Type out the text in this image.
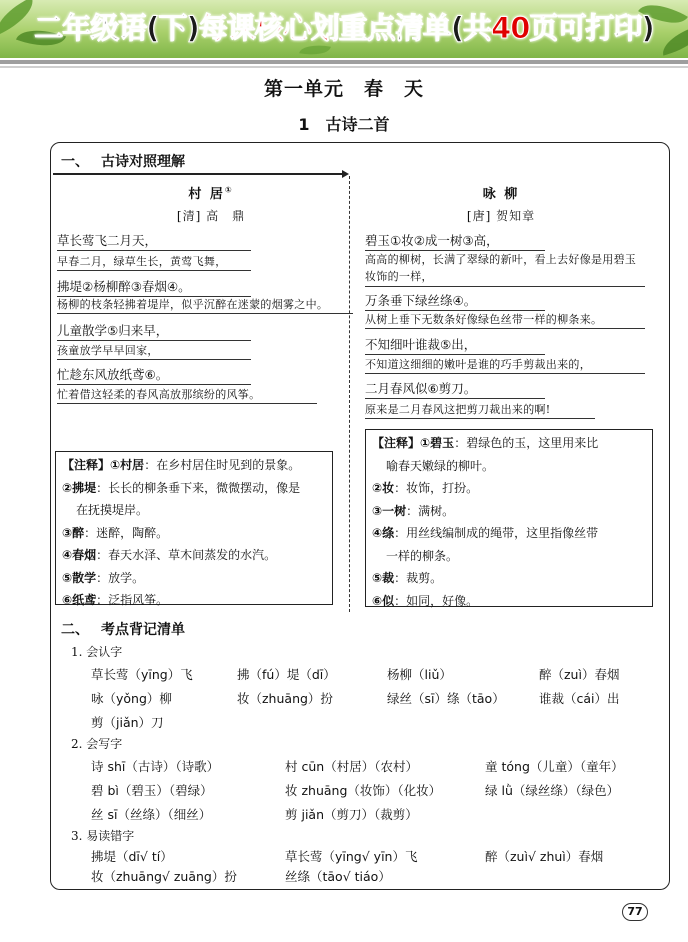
二年级语(下)每课核心划重点清单(共40页可打印)
第一单元　春　天
1　古诗二首
一、 古诗对照理解
村 居①
[清] 高　鼎
草长莺飞二月天，
早春二月，绿草生长，黄莺飞舞，
拂堤②杨柳醉③春烟④。
杨柳的枝条轻拂着堤岸，似乎沉醉在迷蒙的烟雾之中。
儿童散学⑤归来早，
孩童放学早早回家，
忙趁东风放纸鸢⑥。
忙着借这轻柔的春风高放那缤纷的风筝。
【注释】①村居：在乡村居住时见到的景象。
②拂堤：长长的柳条垂下来，微微摆动，像是
在抚摸堤岸。
③醉：迷醉，陶醉。
④春烟：春天水泽、草木间蒸发的水汽。
⑤散学：放学。
⑥纸鸢：泛指风筝。
咏 柳
[唐] 贺知章
碧玉①妆②成一树③高，
高高的柳树，长满了翠绿的新叶，看上去好像是用碧玉妆饰的一样，
万条垂下绿丝绦④。
从树上垂下无数条好像绿色丝带一样的柳条来。
不知细叶谁裁⑤出，
不知道这细细的嫩叶是谁的巧手剪裁出来的，
二月春风似⑥剪刀。
原来是二月春风这把剪刀裁出来的啊!
【注释】①碧玉：碧绿色的玉，这里用来比
喻春天嫩绿的柳叶。
②妆：妆饰，打扮。
③一树：满树。
④绦：用丝线编制成的绳带，这里指像丝带
一样的柳条。
⑤裁：裁剪。
⑥似：如同，好像。
二、 考点背记清单
1. 会认字
草长莺（yīng）飞	拂（fú）堤（dī）	杨柳（liǔ）	醉（zuì）春烟
咏（yǒng）柳	妆（zhuāng）扮	绿丝（sī）绦（tāo）	谁裁（cái）出
剪（jiǎn）刀
2. 会写字
诗 shī（古诗）（诗歌）	村 cūn（村居）（农村）	童 tóng（儿童）（童年）
碧 bì（碧玉）（碧绿）	妆 zhuāng（妆饰）（化妆）	绿 lǜ（绿丝绦）（绿色）
丝 sī（丝绦）（细丝）	剪 jiǎn（剪刀）（裁剪）
3. 易读错字
拂堤（dī√ tí）	草长莺（yīng√ yīn）飞	醉（zuì√ zhuì）春烟
妆（zhuāng√ zuāng）扮	丝绦（tāo√ tiáo）
77
